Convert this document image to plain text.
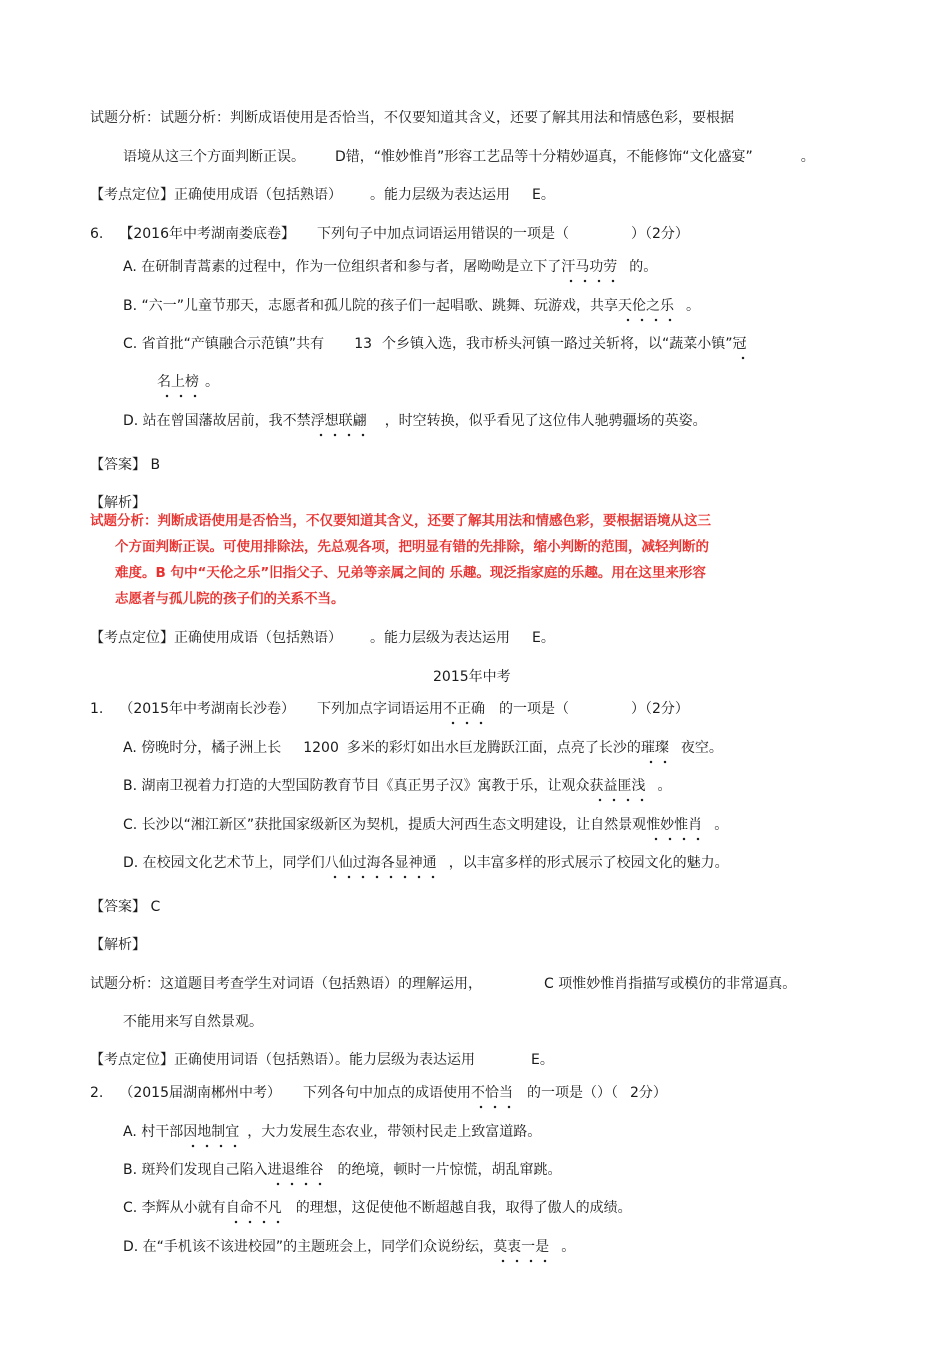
试题分析：试题分析：判断成语使用是否恰当，不仅要知道其含义，还要了解其用法和情感色彩，要根据
语境从这三个方面判断正误。 D错，“惟妙惟肖”形容工艺品等十分精妙逼真，不能修饰“文化盛宴”	。
【考点定位】正确使用成语（包括熟语） 。能力层级为表达运用 E。
6. 【2016年中考湖南娄底卷】 下列句子中加点词语运用错误的一项是（	）（2分）
A. 在研制青蒿素的过程中，作为一位组织者和参与者，屠呦呦是立下了汗马功劳 的。
B. “六一”儿童节那天，志愿者和孤儿院的孩子们一起唱歌、跳舞、玩游戏，共享天伦之乐 。
C. 省首批“产镇融合示范镇”共有 13 个乡镇入选，我市桥头河镇一路过关斩将，以“蔬菜小镇”冠
名上榜 。
D. 站在曾国藩故居前，我不禁浮想联翩 ，时空转换，似乎看见了这位伟人驰骋疆场的英姿。
【答案】 B
【解析】
试题分析：判断成语使用是否恰当，不仅要知道其含义，还要了解其用法和情感色彩，要根据语境从这三
个方面判断正误。可使用排除法，先总观各项，把明显有错的先排除，缩小判断的范围，减轻判断的
难度。B 句中“天伦之乐”旧指父子、兄弟等亲属之间的 乐趣。现泛指家庭的乐趣。用在这里来形容
志愿者与孤儿院的孩子们的关系不当。
【考点定位】正确使用成语（包括熟语） 。能力层级为表达运用 E。
2015年中考
1. （2015年中考湖南长沙卷） 下列加点字词语运用不正确 的一项是（	）（2分）
A. 傍晚时分，橘子洲上长 1200 多米的彩灯如出水巨龙腾跃江面，点亮了长沙的璀璨 夜空。
B. 湖南卫视着力打造的大型国防教育节目《真正男子汉》寓教于乐，让观众获益匪浅 。
C. 长沙以“湘江新区”获批国家级新区为契机，提质大河西生态文明建设，让自然景观惟妙惟肖 。
D. 在校园文化艺术节上，同学们八仙过海各显神通 ，以丰富多样的形式展示了校园文化的魅力。
【答案】 C
【解析】
试题分析：这道题目考查学生对词语（包括熟语）的理解运用，	C 项惟妙惟肖指描写或模仿的非常逼真。
不能用来写自然景观。
【考点定位】正确使用词语（包括熟语）。能力层级为表达运用	E。
2. （2015届湖南郴州中考） 下列各句中加点的成语使用不恰当 的一项是（）（ 2分）
A. 村干部因地制宜 ，大力发展生态农业，带领村民走上致富道路。
B. 斑羚们发现自己陷入进退维谷 的绝境，顿时一片惊慌，胡乱窜跳。
C. 李辉从小就有自命不凡 的理想，这促使他不断超越自我，取得了傲人的成绩。
D. 在“手机该不该进校园”的主题班会上，同学们众说纷纭，莫衷一是 。
